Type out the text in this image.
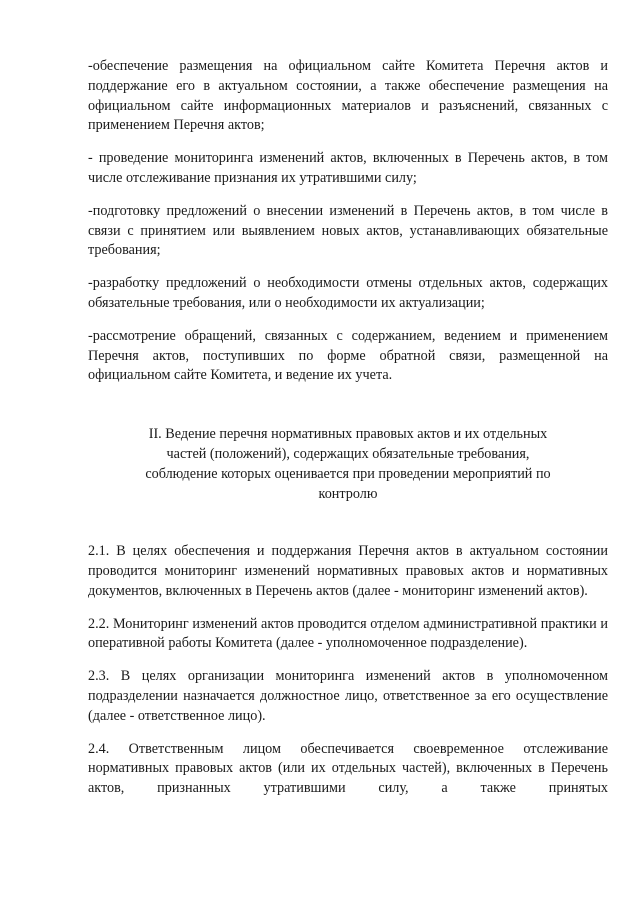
-обеспечение размещения на официальном сайте Комитета Перечня актов и поддержание его в актуальном состоянии, а также обеспечение размещения на официальном сайте информационных материалов и разъяснений, связанных с применением Перечня актов;

- проведение мониторинга изменений актов, включенных в Перечень актов, в том числе отслеживание признания их утратившими силу;

-подготовку предложений о внесении изменений в Перечень актов, в том числе в связи с принятием или выявлением новых актов, устанавливающих обязательные требования;

-разработку предложений о необходимости отмены отдельных актов, содержащих обязательные требования, или о необходимости их актуализации;

-рассмотрение обращений, связанных с содержанием, ведением и применением Перечня актов, поступивших по форме обратной связи, размещенной на официальном сайте Комитета, и ведение их учета.

II. Ведение перечня нормативных правовых актов и их отдельных частей (положений), содержащих обязательные требования, соблюдение которых оценивается при проведении мероприятий по контролю

2.1. В целях обеспечения и поддержания Перечня актов в актуальном состоянии проводится мониторинг изменений нормативных правовых актов и нормативных документов, включенных в Перечень актов (далее - мониторинг изменений актов).

2.2. Мониторинг изменений актов проводится отделом административной практики и оперативной работы Комитета (далее - уполномоченное подразделение).

2.3. В целях организации мониторинга изменений актов в уполномоченном подразделении назначается должностное лицо, ответственное за его осуществление (далее - ответственное лицо).

2.4. Ответственным лицом обеспечивается своевременное отслеживание нормативных правовых актов (или их отдельных частей), включенных в Перечень актов, признанных утратившими силу, а также принятых
